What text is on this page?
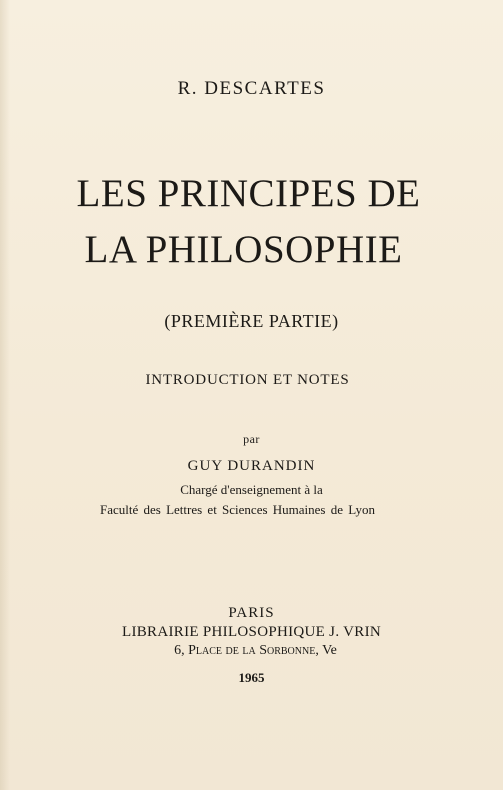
R. DESCARTES

LES PRINCIPES DE

LA PHILOSOPHIE

(PREMIÈRE PARTIE)

INTRODUCTION ET NOTES

par

GUY DURANDIN

Chargé d'enseignement à la

Faculté des Lettres et Sciences Humaines de Lyon

PARIS

LIBRAIRIE PHILOSOPHIQUE J. VRIN

6, Place de la Sorbonne, Ve

1965
